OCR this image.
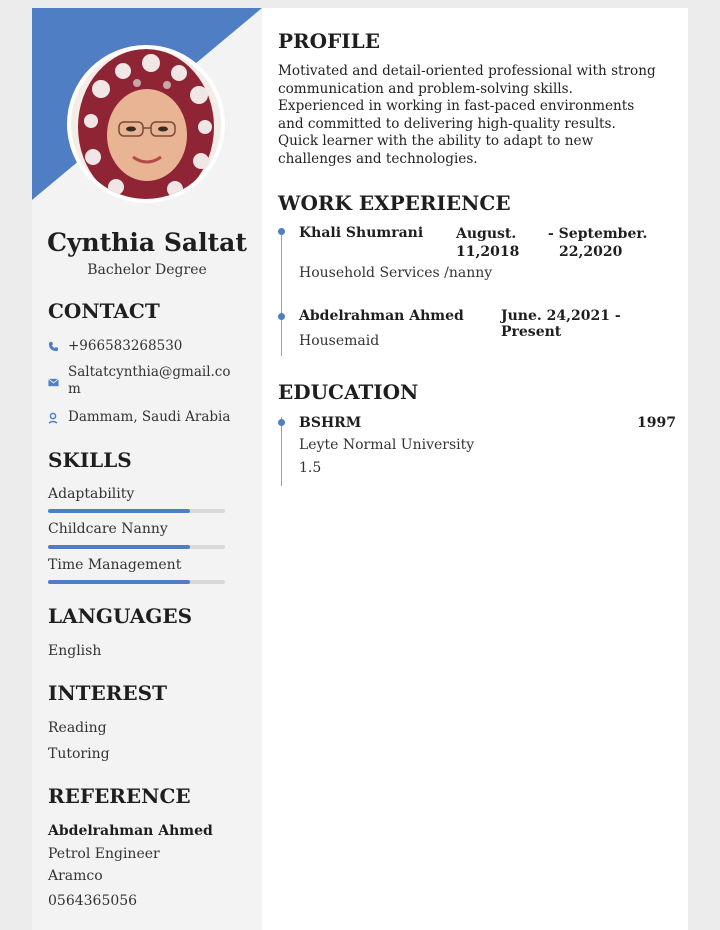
Cynthia Saltat
Bachelor Degree
CONTACT
+966583268530
Saltatcynthia@gmail.co
m
Dammam, Saudi Arabia
SKILLS
Adaptability
Childcare Nanny
Time Management
LANGUAGES
English
INTEREST
Reading
Tutoring
REFERENCE
Abdelrahman Ahmed
Petrol Engineer
Aramco
0564365056
PROFILE
Motivated and detail-oriented professional with strong
communication and problem-solving skills.
Experienced in working in fast-paced environments
and committed to delivering high-quality results.
Quick learner with the ability to adapt to new
challenges and technologies.
WORK EXPERIENCE
Khali Shumrani August.
11,2018
- September.
22,2020
Household Services /nanny
Abdelrahman Ahmed	June. 24,2021 - Present
Housemaid
EDUCATION
BSHRM	1997
Leyte Normal University
1.5
